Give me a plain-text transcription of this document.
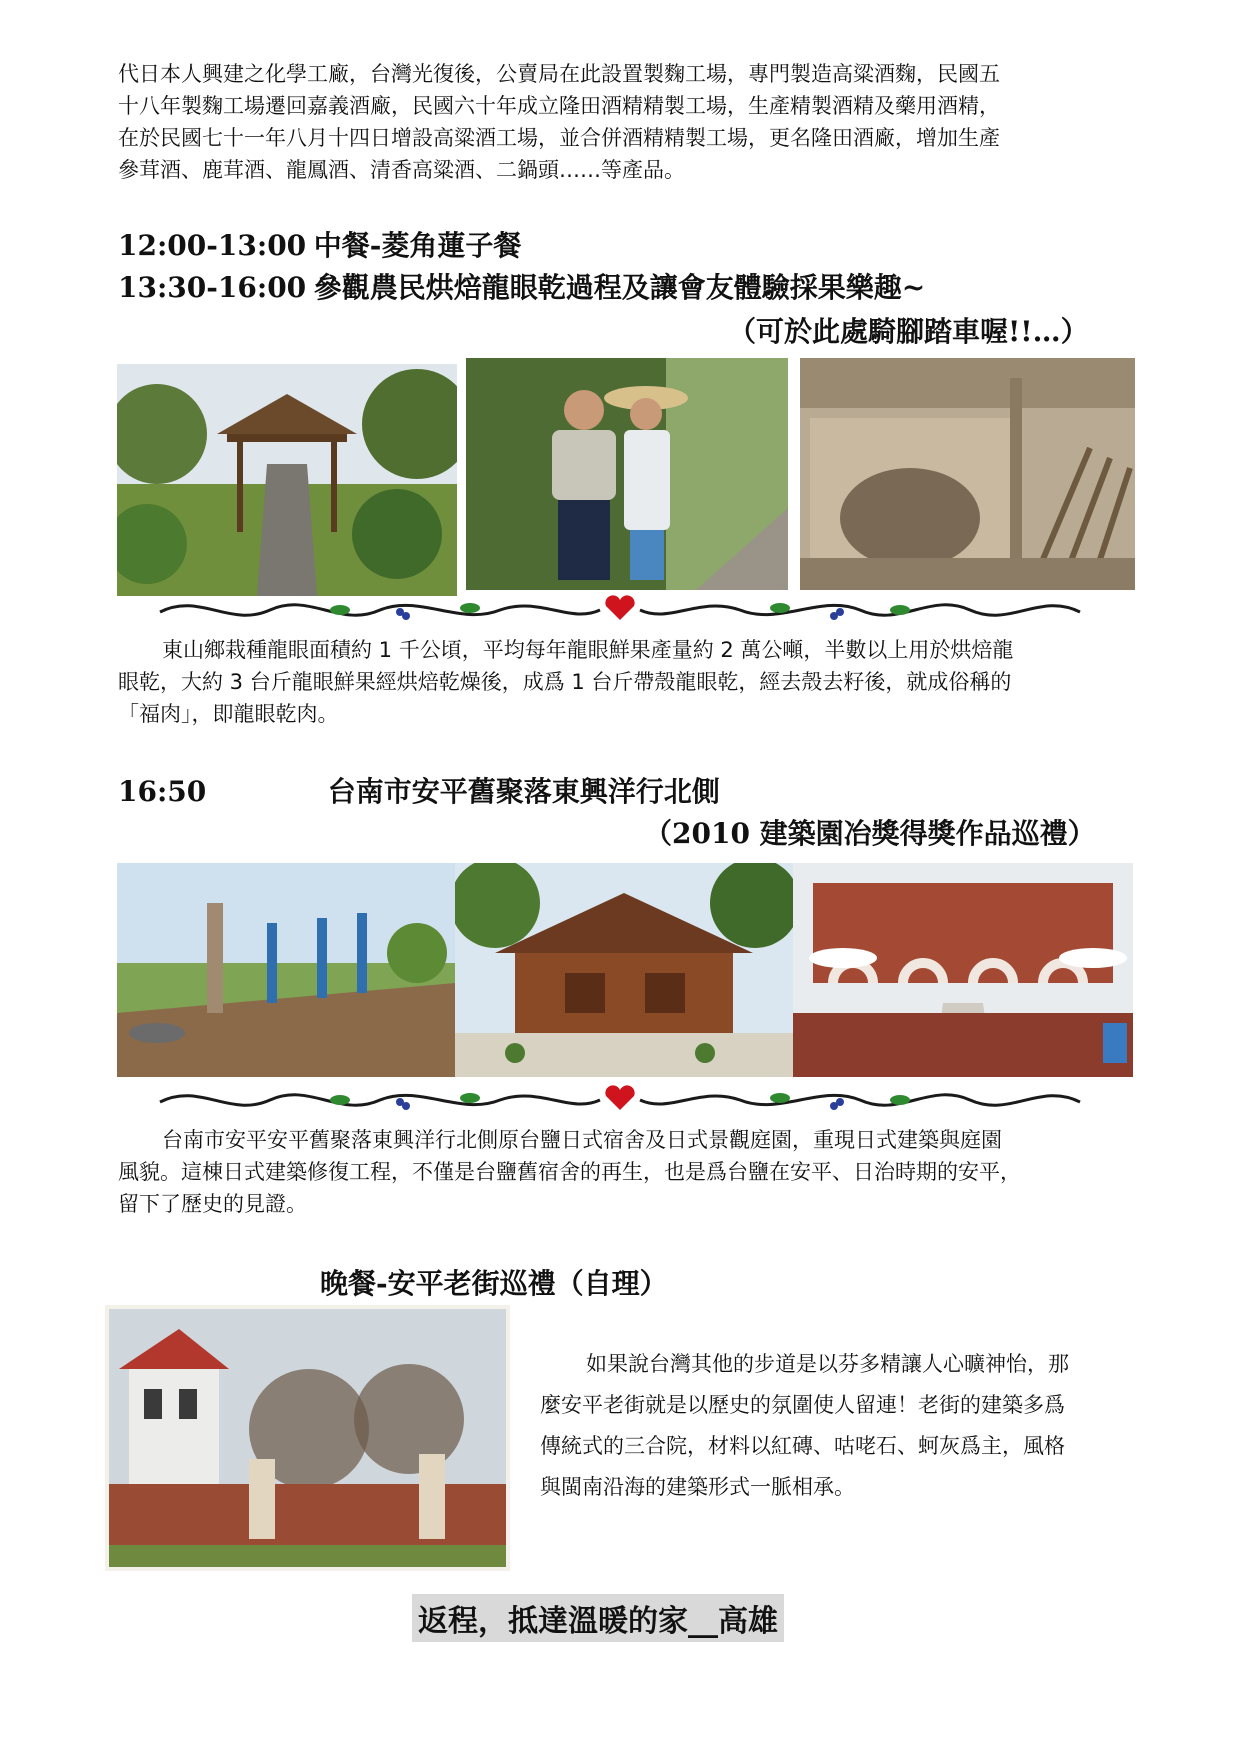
代日本人興建之化學工廠，台灣光復後，公賣局在此設置製麴工場，專門製造高粱酒麴，民國五
十八年製麴工場遷回嘉義酒廠，民國六十年成立隆田酒精精製工場，生產精製酒精及藥用酒精，
在於民國七十一年八月十四日增設高粱酒工場，並合併酒精精製工場，更名隆田酒廠，增加生產
參茸酒、鹿茸酒、龍鳳酒、清香高粱酒、二鍋頭……等產品。
12:00-13:00 中餐-菱角蓮子餐
13:30-16:00 參觀農民烘焙龍眼乾過程及讓會友體驗採果樂趣~
（可於此處騎腳踏車喔!!…）
東山鄉栽種龍眼面積約 1 千公頃，平均每年龍眼鮮果產量約 2 萬公噸，半數以上用於烘焙龍
眼乾，大約 3 台斤龍眼鮮果經烘焙乾燥後，成爲 1 台斤帶殼龍眼乾，經去殼去籽後，就成俗稱的
「福肉」，即龍眼乾肉。
16:50	台南市安平舊聚落東興洋行北側
（2010 建築園冶獎得獎作品巡禮）
台南市安平安平舊聚落東興洋行北側原台鹽日式宿舍及日式景觀庭園，重現日式建築與庭園
風貌。這棟日式建築修復工程，不僅是台鹽舊宿舍的再生，也是爲台鹽在安平、日治時期的安平，
留下了歷史的見證。
晚餐-安平老街巡禮（自理）
如果說台灣其他的步道是以芬多精讓人心曠神怡，那
麼安平老街就是以歷史的氛圍使人留連！老街的建築多爲
傳統式的三合院，材料以紅磚、咕咾石、蚵灰爲主，風格
與閩南沿海的建築形式一脈相承。
返程，抵達溫暖的家__高雄
